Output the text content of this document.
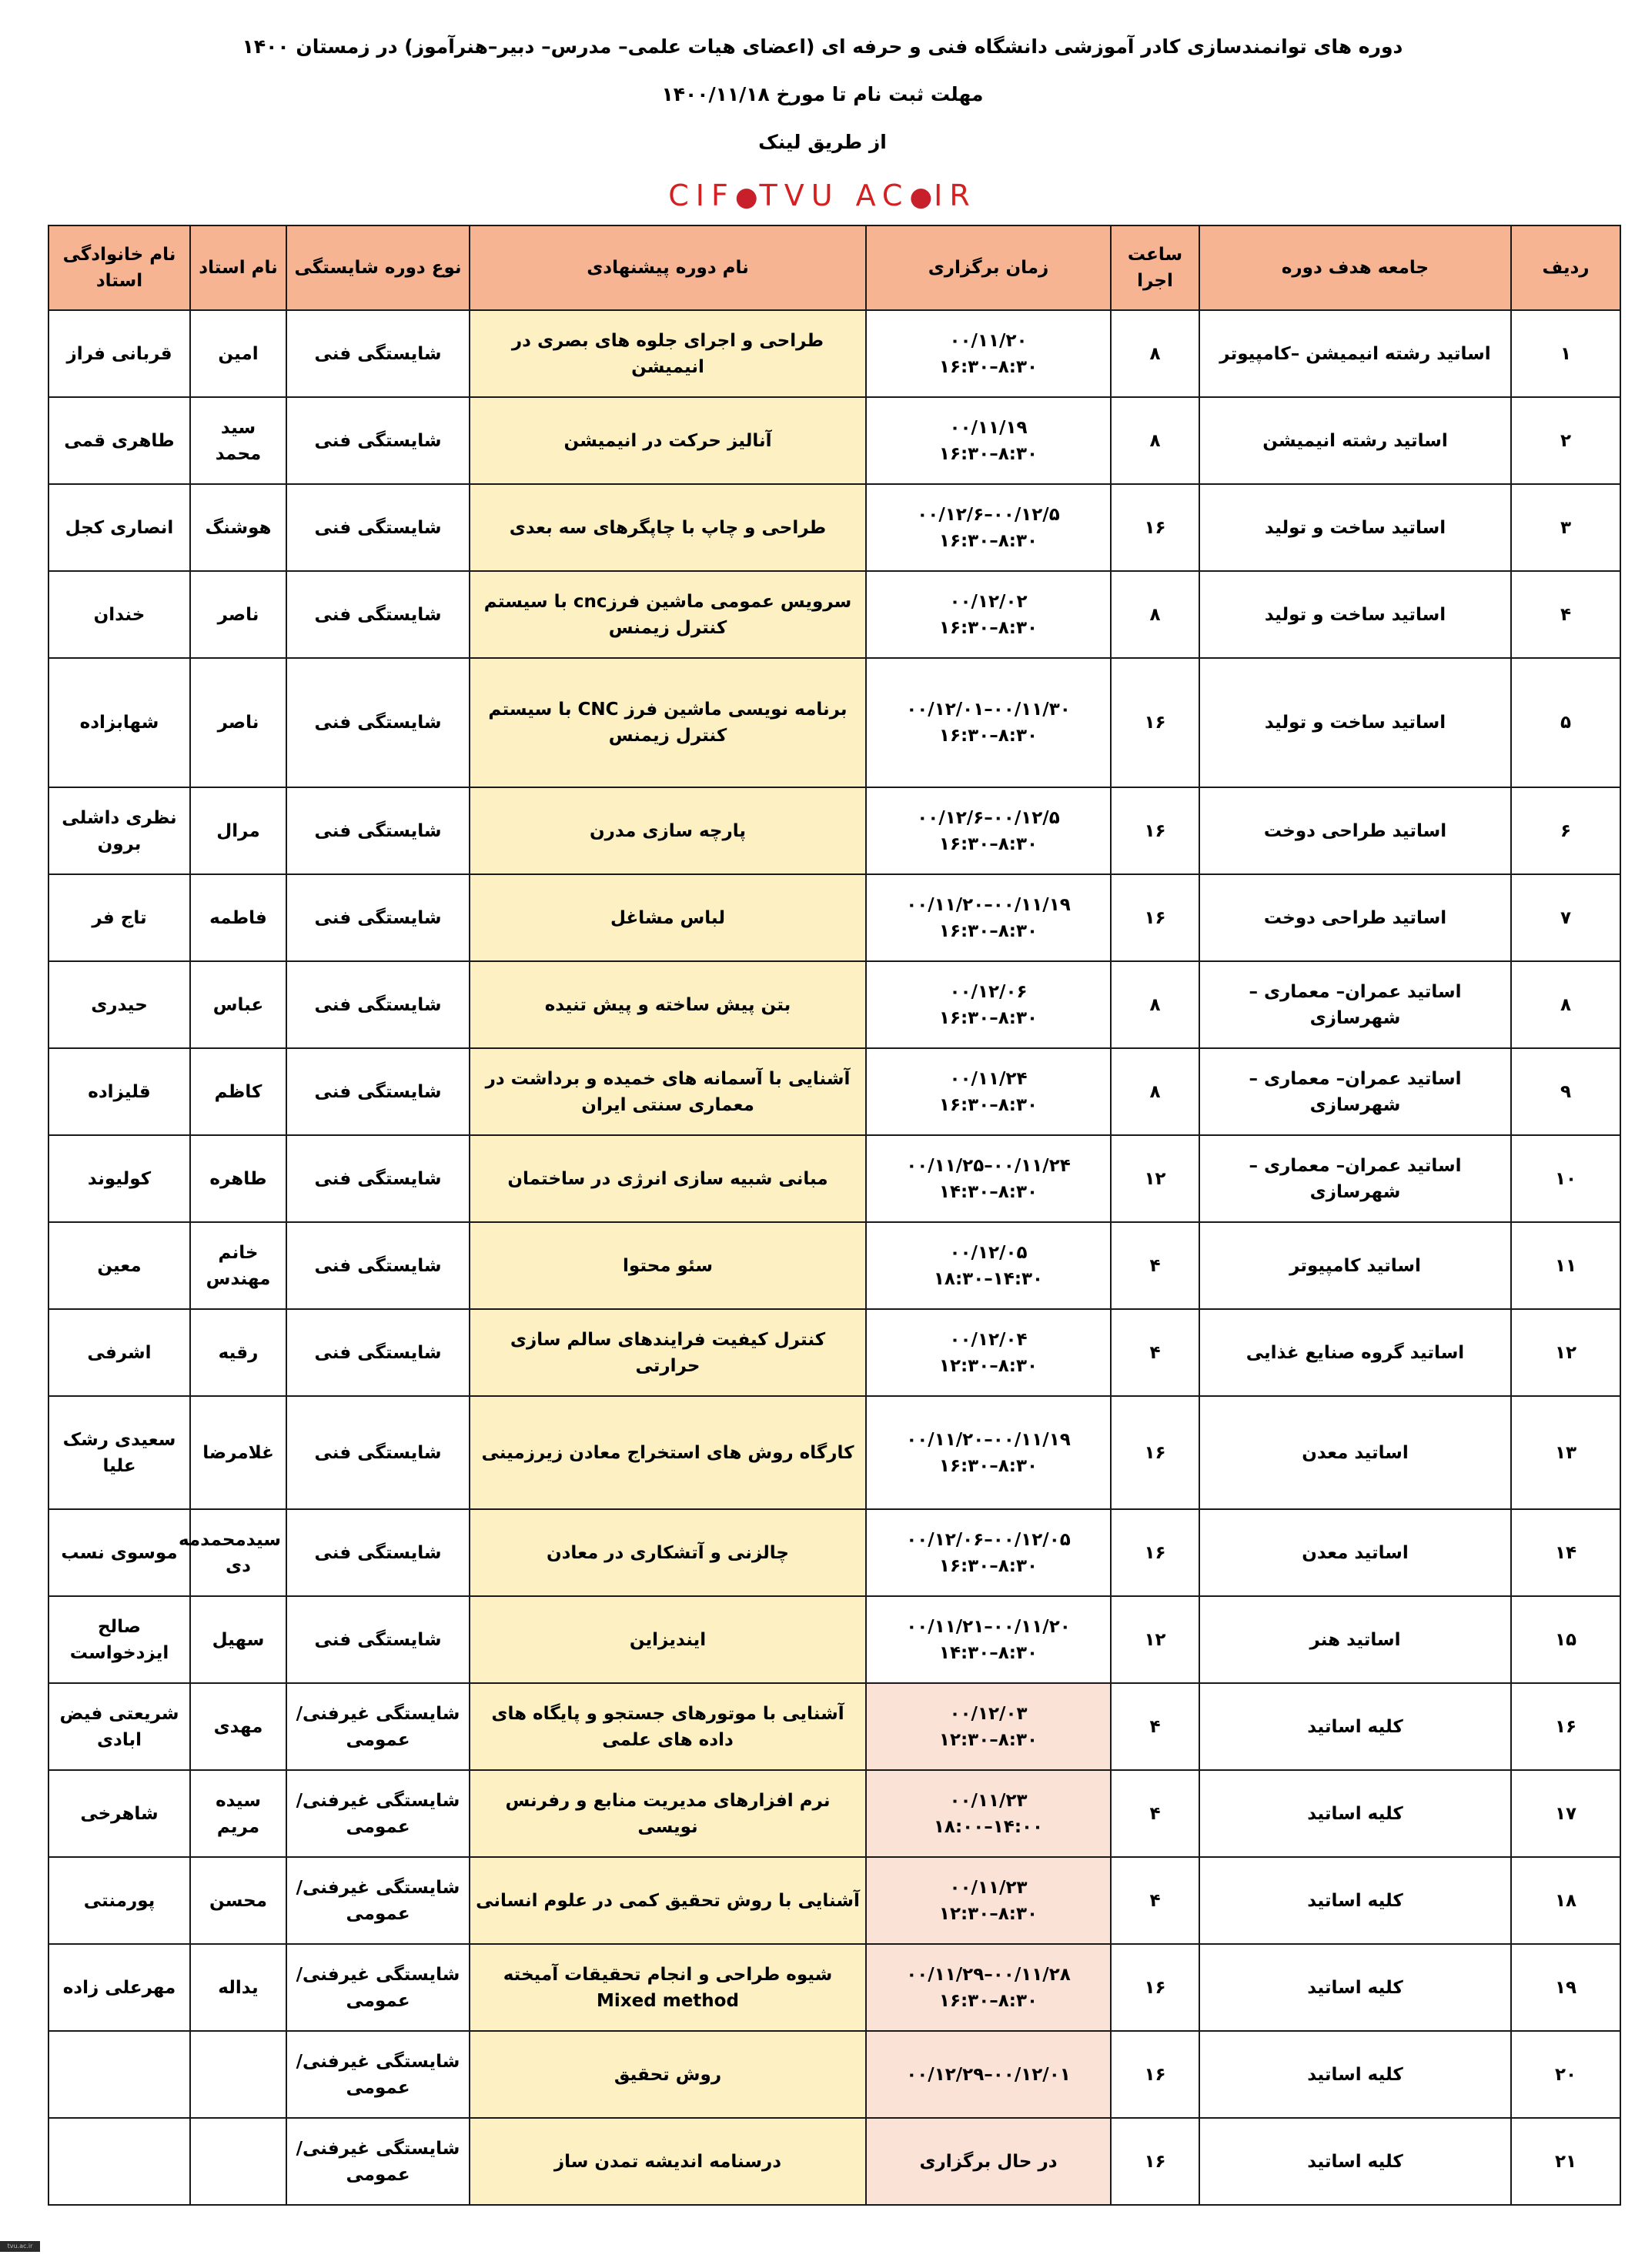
دوره های توانمندسازی کادر آموزشی دانشگاه فنی و حرفه ای (اعضای هیات علمی– مدرس– دبیر–هنرآموز) در زمستان ۱۴۰۰
مهلت ثبت نام تا مورخ ۱۴۰۰/۱۱/۱۸
از طریق لینک
CIF●TVU AC●IR
ردیف	جامعه هدف دوره	ساعت اجرا	زمان برگزاری	نام دوره پیشنهادی	نوع دوره شایستگی	نام استاد	نام خانوادگی استاد
۱	اساتید رشته انیمیشن –کامپیوتر	۸	۰۰/۱۱/۲۰
۸:۳۰–۱۶:۳۰	طراحی و اجرای جلوه های بصری در انیمیشن	شایستگی فنی	امین	قربانی فراز
۲	اساتید رشته انیمیشن	۸	۰۰/۱۱/۱۹
۸:۳۰–۱۶:۳۰	آنالیز حرکت در انیمیشن	شایستگی فنی	سید محمد	طاهری قمی
۳	اساتید ساخت و تولید	۱۶	۰۰/۱۲/۵–۰۰/۱۲/۶
۸:۳۰–۱۶:۳۰	طراحی و چاپ با چاپگرهای سه بعدی	شایستگی فنی	هوشنگ	انصاری کجل
۴	اساتید ساخت و تولید	۸	۰۰/۱۲/۰۲
۸:۳۰–۱۶:۳۰	سرویس عمومی ماشین فرزcnc با سیستم کنترل زیمنس	شایستگی فنی	ناصر	خندان
۵	اساتید ساخت و تولید	۱۶	۰۰/۱۱/۳۰–۰۰/۱۲/۰۱
۸:۳۰–۱۶:۳۰	برنامه نویسی ماشین فرز CNC با سیستم کنترل زیمنس	شایستگی فنی	ناصر	شهابزاده
۶	اساتید طراحی دوخت	۱۶	۰۰/۱۲/۵–۰۰/۱۲/۶
۸:۳۰–۱۶:۳۰	پارچه سازی مدرن	شایستگی فنی	مرال	نظری داشلی برون
۷	اساتید طراحی دوخت	۱۶	۰۰/۱۱/۱۹–۰۰/۱۱/۲۰
۸:۳۰–۱۶:۳۰	لباس مشاغل	شایستگی فنی	فاطمه	تاج فر
۸	اساتید عمران– معماری – شهرسازی	۸	۰۰/۱۲/۰۶
۸:۳۰–۱۶:۳۰	بتن پیش ساخته و پیش تنیده	شایستگی فنی	عباس	حیدری
۹	اساتید عمران– معماری – شهرسازی	۸	۰۰/۱۱/۲۴
۸:۳۰–۱۶:۳۰	آشنایی با آسمانه های خمیده و برداشت در معماری سنتی ایران	شایستگی فنی	کاظم	قلیزاده
۱۰	اساتید عمران– معماری – شهرسازی	۱۲	۰۰/۱۱/۲۴–۰۰/۱۱/۲۵
۸:۳۰–۱۴:۳۰	مبانی شبیه سازی انرژی در ساختمان	شایستگی فنی	طاهره	کولیوند
۱۱	اساتید کامپیوتر	۴	۰۰/۱۲/۰۵
۱۴:۳۰–۱۸:۳۰	سئو محتوا	شایستگی فنی	خانم مهندس	معین
۱۲	اساتید گروه صنایع غذایی	۴	۰۰/۱۲/۰۴
۸:۳۰–۱۲:۳۰	کنترل کیفیت فرایندهای سالم سازی حرارتی	شایستگی فنی	رقیه	اشرفی
۱۳	اساتید معدن	۱۶	۰۰/۱۱/۱۹–۰۰/۱۱/۲۰
۸:۳۰–۱۶:۳۰	کارگاه روش های استخراج معادن زیرزمینی	شایستگی فنی	غلامرضا	سعیدی رشک علیا
۱۴	اساتید معدن	۱۶	۰۰/۱۲/۰۵–۰۰/۱۲/۰۶
۸:۳۰–۱۶:۳۰	چالزنی و آتشکاری در معادن	شایستگی فنی	سیدمحمدمه دی	موسوی نسب
۱۵	اساتید هنر	۱۲	۰۰/۱۱/۲۰–۰۰/۱۱/۲۱
۸:۳۰–۱۴:۳۰	ایندیزاین	شایستگی فنی	سهیل	صالح ایزدخواست
۱۶	کلیه اساتید	۴	۰۰/۱۲/۰۳
۸:۳۰–۱۲:۳۰	آشنایی با موتورهای جستجو و پایگاه های داده های علمی	شایستگی غیرفنی/عمومی	مهدی	شریعتی فیض ابادی
۱۷	کلیه اساتید	۴	۰۰/۱۱/۲۳
۱۴:۰۰–۱۸:۰۰	نرم افزارهای مدیریت منابع و رفرنس نویسی	شایستگی غیرفنی/عمومی	سیده مریم	شاهرخی
۱۸	کلیه اساتید	۴	۰۰/۱۱/۲۳
۸:۳۰–۱۲:۳۰	آشنایی با روش تحقیق کمی در علوم انسانی	شایستگی غیرفنی/عمومی	محسن	پورمنتی
۱۹	کلیه اساتید	۱۶	۰۰/۱۱/۲۸–۰۰/۱۱/۲۹
۸:۳۰–۱۶:۳۰	شیوه طراحی و انجام تحقیقات آمیخته Mixed method	شایستگی غیرفنی/عمومی	یداله	مهرعلی زاده
۲۰	کلیه اساتید	۱۶	۰۰/۱۲/۰۱–۰۰/۱۲/۲۹	روش تحقیق	شایستگی غیرفنی/عمومی		
۲۱	کلیه اساتید	۱۶	در حال برگزاری	درسنامه اندیشه تمدن ساز	شایستگی غیرفنی/عمومی		
tvu.ac.ir
